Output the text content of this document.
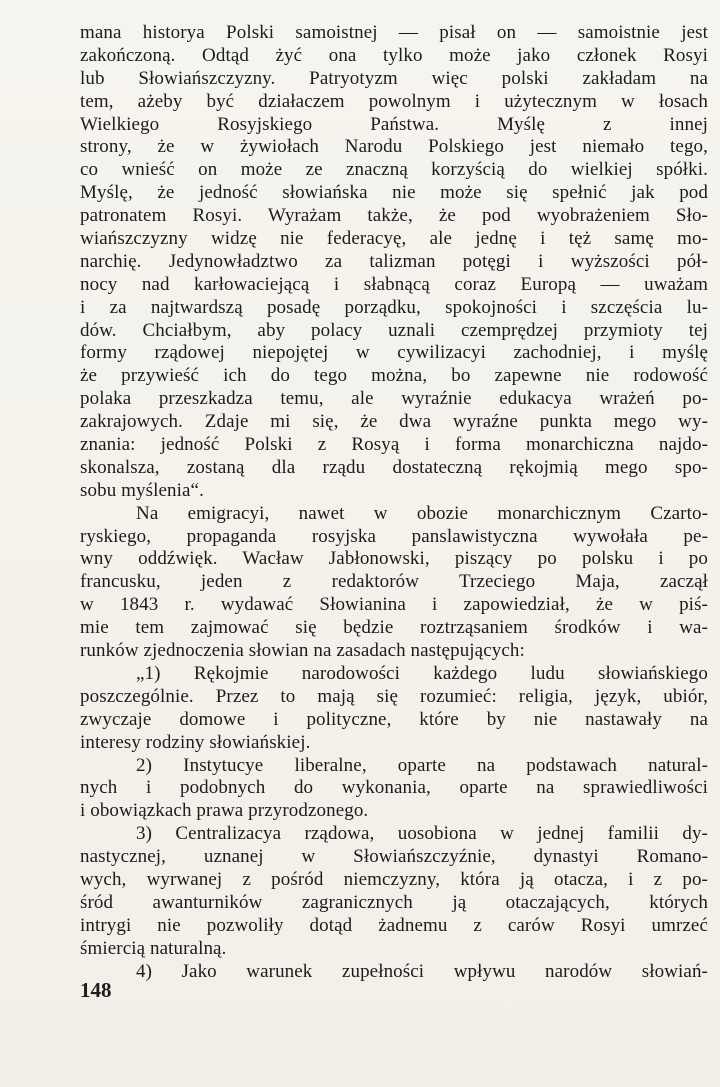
mana historya Polski samoistnej — pisał on — samoistnie jest
zakończoną. Odtąd żyć ona tylko może jako członek Rosyi
lub Słowiańszczyzny. Patryotyzm więc polski zakładam na
tem, ażeby być działaczem powolnym i użytecznym w łosach
Wielkiego Rosyjskiego Państwa. Myślę z innej
strony, że w żywiołach Narodu Polskiego jest niemało tego,
co wnieść on może ze znaczną korzyścią do wielkiej spółki.
Myślę, że jedność słowiańska nie może się spełnić jak pod
patronatem Rosyi. Wyrażam także, że pod wyobrażeniem Sło-
wiańszczyzny widzę nie federacyę, ale jednę i tęż samę mo-
narchię. Jedynowładztwo za talizman potęgi i wyższości pół-
nocy nad karłowaciejącą i słabnącą coraz Europą — uważam
i za najtwardszą posadę porządku, spokojności i szczęścia lu-
dów. Chciałbym, aby polacy uznali czemprędzej przymioty tej
formy rządowej niepojętej w cywilizacyi zachodniej, i myślę
że przywieść ich do tego można, bo zapewne nie rodowość
polaka przeszkadza temu, ale wyraźnie edukacya wrażeń po-
zakrajowych. Zdaje mi się, że dwa wyraźne punkta mego wy-
znania: jedność Polski z Rosyą i forma monarchiczna najdo-
skonalsza, zostaną dla rządu dostateczną rękojmią mego spo-
sobu myślenia“.
Na emigracyi, nawet w obozie monarchicznym Czarto-
ryskiego, propaganda rosyjska panslawistyczna wywołała pe-
wny oddźwięk. Wacław Jabłonowski, piszący po polsku i po
francusku, jeden z redaktorów Trzeciego Maja, zaczął
w 1843 r. wydawać Słowianina i zapowiedział, że w piś-
mie tem zajmować się będzie roztrząsaniem środków i wa-
runków zjednoczenia słowian na zasadach następujących:
„1) Rękojmie narodowości każdego ludu słowiańskiego
poszczególnie. Przez to mają się rozumieć: religia, język, ubiór,
zwyczaje domowe i polityczne, które by nie nastawały na
interesy rodziny słowiańskiej.
2) Instytucye liberalne, oparte na podstawach natural-
nych i podobnych do wykonania, oparte na sprawiedliwości
i obowiązkach prawa przyrodzonego.
3) Centralizacya rządowa, uosobiona w jednej familii dy-
nastycznej, uznanej w Słowiańszczyźnie, dynastyi Romano-
wych, wyrwanej z pośród niemczyzny, która ją otacza, i z po-
śród awanturników zagranicznych ją otaczających, których
intrygi nie pozwoliły dotąd żadnemu z carów Rosyi umrzeć
śmiercią naturalną.
4) Jako warunek zupełności wpływu narodów słowiań-
148
